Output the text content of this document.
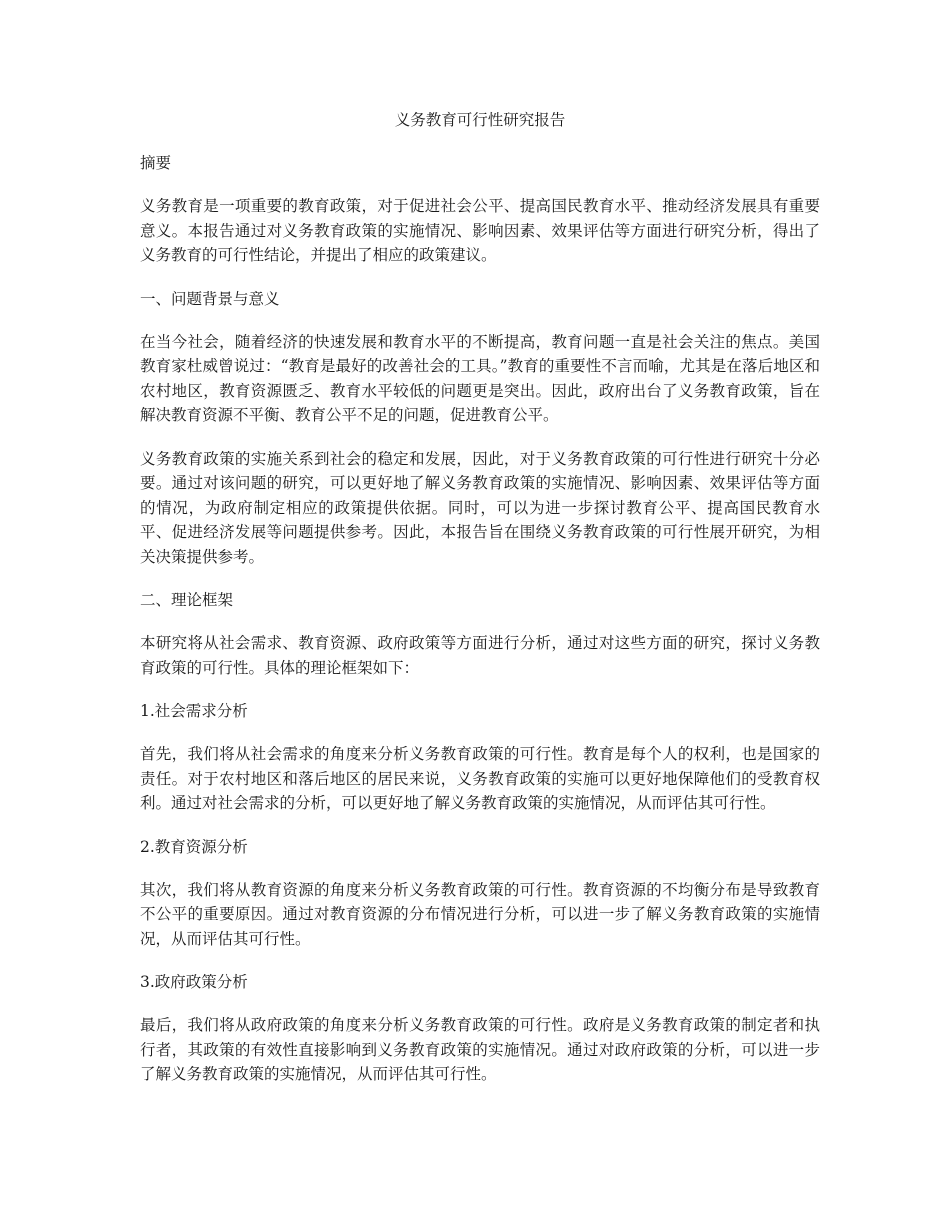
义务教育可行性研究报告
摘要
义务教育是一项重要的教育政策，对于促进社会公平、提高国民教育水平、推动经济发展具有重要意义。本报告通过对义务教育政策的实施情况、影响因素、效果评估等方面进行研究分析，得出了义务教育的可行性结论，并提出了相应的政策建议。
一、问题背景与意义
在当今社会，随着经济的快速发展和教育水平的不断提高，教育问题一直是社会关注的焦点。美国教育家杜威曾说过：“教育是最好的改善社会的工具。”教育的重要性不言而喻，尤其是在落后地区和农村地区，教育资源匮乏、教育水平较低的问题更是突出。因此，政府出台了义务教育政策，旨在解决教育资源不平衡、教育公平不足的问题，促进教育公平。
义务教育政策的实施关系到社会的稳定和发展，因此，对于义务教育政策的可行性进行研究十分必要。通过对该问题的研究，可以更好地了解义务教育政策的实施情况、影响因素、效果评估等方面的情况，为政府制定相应的政策提供依据。同时，可以为进一步探讨教育公平、提高国民教育水平、促进经济发展等问题提供参考。因此，本报告旨在围绕义务教育政策的可行性展开研究，为相关决策提供参考。
二、理论框架
本研究将从社会需求、教育资源、政府政策等方面进行分析，通过对这些方面的研究，探讨义务教育政策的可行性。具体的理论框架如下：
1.社会需求分析
首先，我们将从社会需求的角度来分析义务教育政策的可行性。教育是每个人的权利，也是国家的责任。对于农村地区和落后地区的居民来说，义务教育政策的实施可以更好地保障他们的受教育权利。通过对社会需求的分析，可以更好地了解义务教育政策的实施情况，从而评估其可行性。
2.教育资源分析
其次，我们将从教育资源的角度来分析义务教育政策的可行性。教育资源的不均衡分布是导致教育不公平的重要原因。通过对教育资源的分布情况进行分析，可以进一步了解义务教育政策的实施情况，从而评估其可行性。
3.政府政策分析
最后，我们将从政府政策的角度来分析义务教育政策的可行性。政府是义务教育政策的制定者和执行者，其政策的有效性直接影响到义务教育政策的实施情况。通过对政府政策的分析，可以进一步了解义务教育政策的实施情况，从而评估其可行性。
